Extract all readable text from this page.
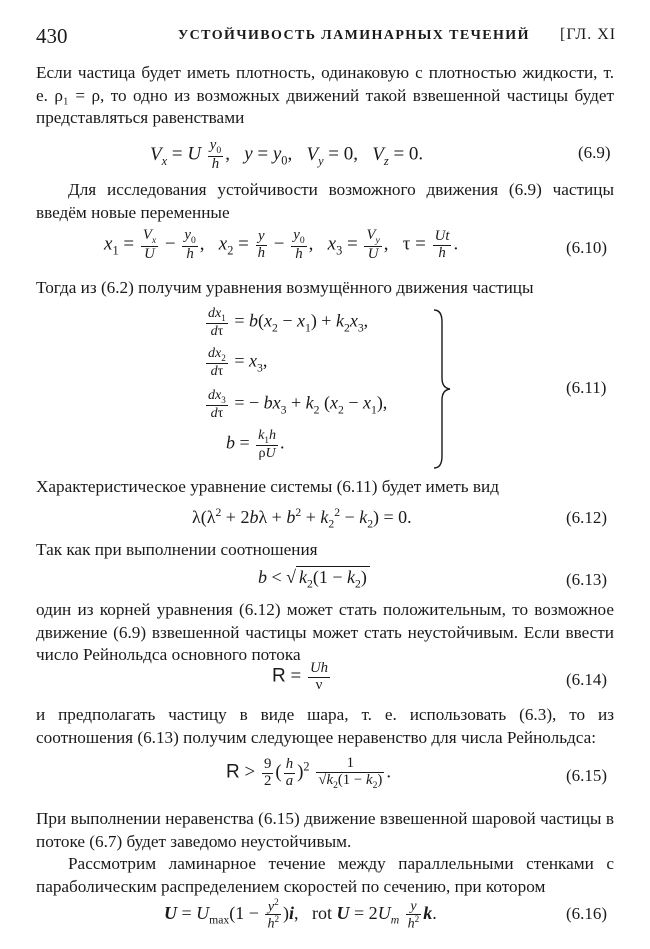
430	УСТОЙЧИВОСТЬ ЛАМИНАРНЫХ ТЕЧЕНИЙ [ГЛ. XI
Если частица будет иметь плотность, одинаковую с плотностью жидкости, т. е. ρ₁ = ρ, то одно из возможных движений такой взвешенной частицы будет представляться равенствами
$V_x = U \frac{y_0}{h}$ ,   $y = y_0$,   $V_y = 0$,   $V_z = 0$.	(6.9)
Для исследования устойчивости возможного движения (6.9) частицы введём новые переменные
$x_1 = \frac{V_x}{U} - \frac{y_0}{h}$ ,   $x_2 = \frac{y}{h} - \frac{y_0}{h}$ ,   $x_3 = \frac{V_y}{U}$ ,   $\tau = \frac{Ut}{h}$ .	(6.10)
Тогда из (6.2) получим уравнения возмущённого движения частицы
$\frac{dx_1}{d\tau} = b(x_2 - x_1) + k_2x_3$,
$\frac{dx_2}{d\tau} = x_3$,
$\frac{dx_3}{d\tau}$ = − $bx_3 + k_2$ $(x_2 - x_1)$,
$b = \frac{k_1h}{\rho U}$ .
(6.11)
Характеристическое уравнение системы (6.11) будет иметь вид
$\lambda(\lambda^2 + 2b\lambda + b^2 + k_2^2 - k_2) = 0$.	(6.12)
Так как при выполнении соотношения
b < √ $k_2(1 - k_2)$	(6.13)
один из корней уравнения (6.12) может стать положительным, то возможное движение (6.9) взвешенной частицы может стать неустойчивым. Если ввести число Рейнольдса основного потока
$R = \frac{Uh}{\nu}$	(6.14)
и предполагать частицу в виде шара, т. е. использовать (6.3), то из соотношения (6.13) получим следующее неравенство для числа Рейнольдса:
$R > \frac{9}{2}$ ( $\frac{h}{a} )^2 \frac{1}{√k_2(1 - k_2)}$ .	(6.15)
При выполнении неравенства (6.15) движение взвешенной шаровой частицы в потоке (6.7) будет заведомо неустойчивым.
Рассмотрим ламинарное течение между параллельными стенками с параболическим распределением скоростей по сечению, при котором
$U = U_{max}(1 - \frac{y^2}{h^2} )i$,   rot $U = 2U_m \frac{y}{h^2} k$.	(6.16)
